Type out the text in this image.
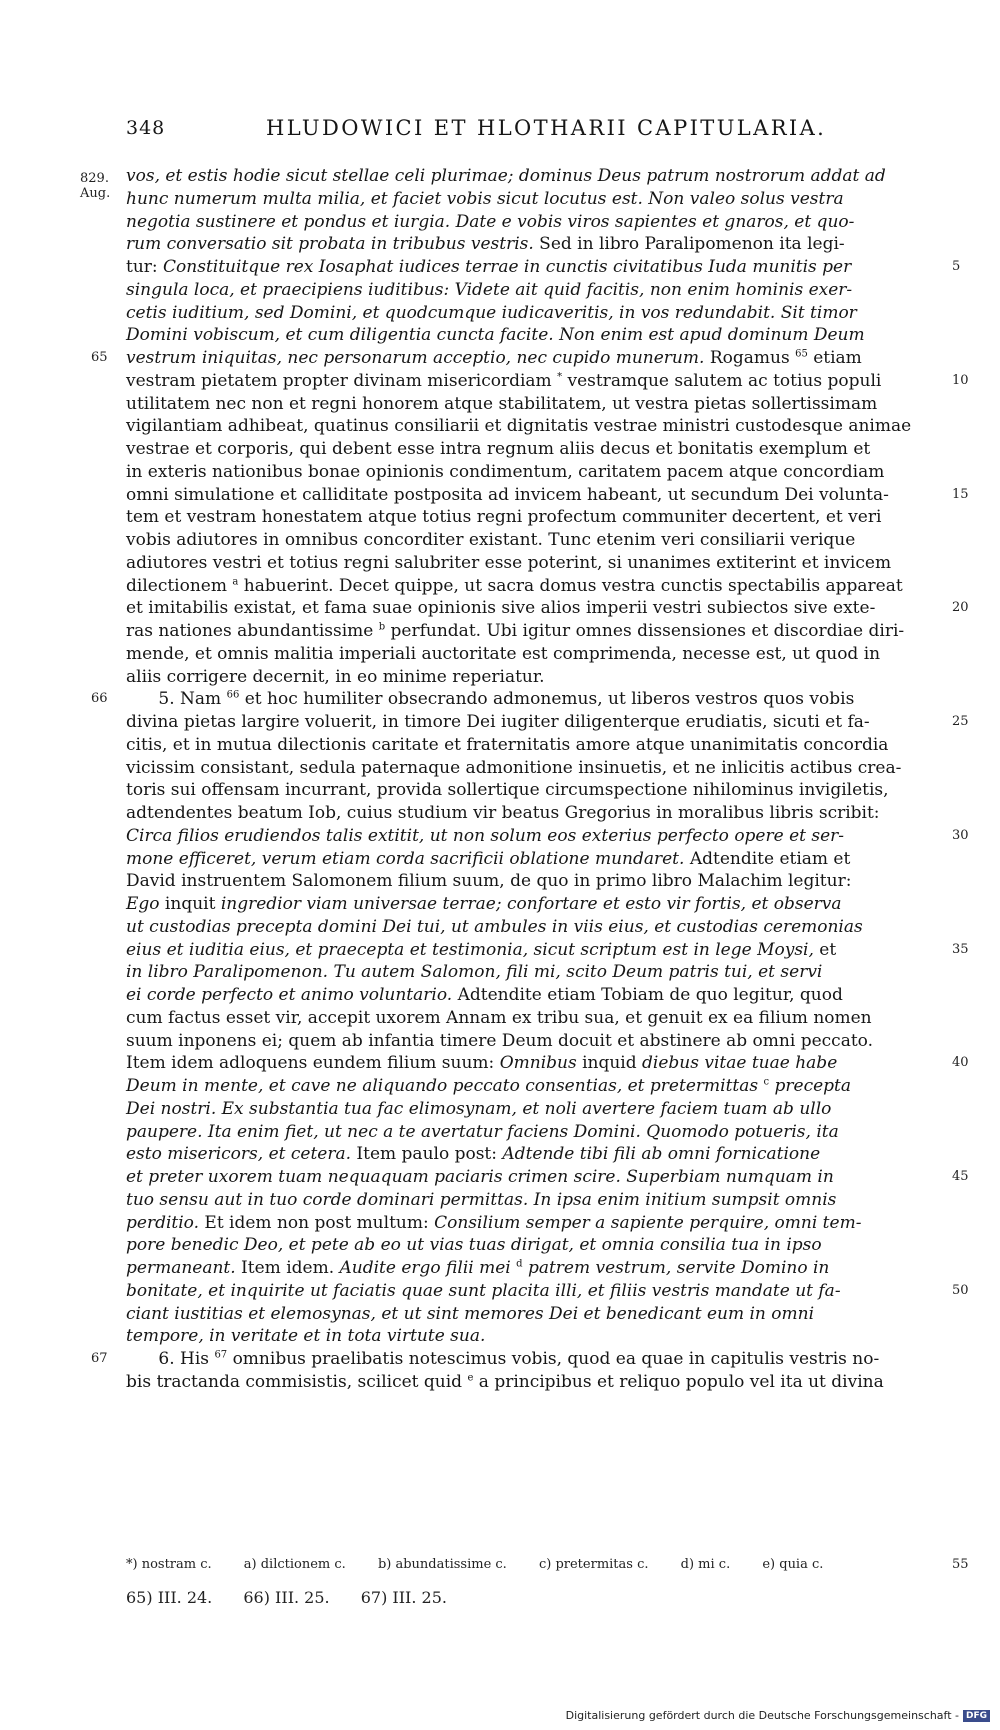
348	HLUDOWICI ET HLOTHARII CAPITULARIA.
829.
Aug.
vos, et estis hodie sicut stellae celi plurimae; dominus Deus patrum nostrorum addat ad
hunc numerum multa milia, et faciet vobis sicut locutus est. Non valeo solus vestra
negotia sustinere et pondus et iurgia. Date e vobis viros sapientes et gnaros, et quo-
rum conversatio sit probata in tribubus vestris. Sed in libro Paralipomenon ita legi-
tur: Constituitque rex Iosaphat iudices terrae in cunctis civitatibus Iuda munitis per	5
singula loca, et praecipiens iuditibus: Videte ait quid facitis, non enim hominis exer-
cetis iuditium, sed Domini, et quodcumque iudicaveritis, in vos redundabit. Sit timor
Domini vobiscum, et cum diligentia cuncta facite. Non enim est apud dominum Deum
65 vestrum iniquitas, nec personarum acceptio, nec cupido munerum. Rogamus $^{65}$ etiam
vestram pietatem propter divinam misericordiam * vestramque salutem ac totius populi	10
utilitatem nec non et regni honorem atque stabilitatem, ut vestra pietas sollertissimam
vigilantiam adhibeat, quatinus consiliarii et dignitatis vestrae ministri custodesque animae
vestrae et corporis, qui debent esse intra regnum aliis decus et bonitatis exemplum et
in exteris nationibus bonae opinionis condimentum, caritatem pacem atque concordiam
omni simulatione et calliditate postposita ad invicem habeant, ut secundum Dei volunta-	15
tem et vestram honestatem atque totius regni profectum communiter decertent, et veri
vobis adiutores in omnibus concorditer existant. Tunc etenim veri consiliarii verique
adiutores vestri et totius regni salubriter esse poterint, si unanimes extiterint et invicem
dilectionem $^a$ habuerint. Decet quippe, ut sacra domus vestra cunctis spectabilis appareat
et imitabilis existat, et fama suae opinionis sive alios imperii vestri subiectos sive exte-	20
ras nationes abundantissime $^b$ perfundat. Ubi igitur omnes dissensiones et discordiae diri-
mende, et omnis malitia imperiali auctoritate est comprimenda, necesse est, ut quod in
aliis corrigere decernit, in eo minime reperiatur.
66 5. Nam $^{66}$ et hoc humiliter obsecrando admonemus, ut liberos vestros quos vobis
divina pietas largire voluerit, in timore Dei iugiter diligenterque erudiatis, sicuti et fa-	25
citis, et in mutua dilectionis caritate et fraternitatis amore atque unanimitatis concordia
vicissim consistant, sedula paternaque admonitione insinuetis, et ne inlicitis actibus crea-
toris sui offensam incurrant, provida sollertique circumspectione nihilominus invigiletis,
adtendentes beatum Iob, cuius studium vir beatus Gregorius in moralibus libris scribit:
Circa filios erudiendos talis extitit, ut non solum eos exterius perfecto opere et ser-	30
mone efficeret, verum etiam corda sacrificii oblatione mundaret. Adtendite etiam et
David instruentem Salomonem filium suum, de quo in primo libro Malachim legitur:
Ego inquit ingredior viam universae terrae; confortare et esto vir fortis, et observa
ut custodias precepta domini Dei tui, ut ambules in viis eius, et custodias ceremonias
eius et iuditia eius, et praecepta et testimonia, sicut scriptum est in lege Moysi, et	35
in libro Paralipomenon. Tu autem Salomon, fili mi, scito Deum patris tui, et servi
ei corde perfecto et animo voluntario. Adtendite etiam Tobiam de quo legitur, quod
cum factus esset vir, accepit uxorem Annam ex tribu sua, et genuit ex ea filium nomen
suum inponens ei; quem ab infantia timere Deum docuit et abstinere ab omni peccato.
Item idem adloquens eundem filium suum: Omnibus inquid diebus vitae tuae habe	40
Deum in mente, et cave ne aliquando peccato consentias, et pretermittas $^c$ precepta
Dei nostri. Ex substantia tua fac elimosynam, et noli avertere faciem tuam ab ullo
paupere. Ita enim fiet, ut nec a te avertatur faciens Domini. Quomodo potueris, ita
esto misericors, et cetera. Item paulo post: Adtende tibi fili ab omni fornicatione
et preter uxorem tuam nequaquam paciaris crimen scire. Superbiam numquam in	45
tuo sensu aut in tuo corde dominari permittas. In ipsa enim initium sumpsit omnis
perditio. Et idem non post multum: Consilium semper a sapiente perquire, omni tem-
pore benedic Deo, et pete ab eo ut vias tuas dirigat, et omnia consilia tua in ipso
permaneant. Item idem. Audite ergo filii mei $^d$ patrem vestrum, servite Domino in
bonitate, et inquirite ut faciatis quae sunt placita illi, et filiis vestris mandate ut fa-	50
ciant iustitias et elemosynas, et ut sint memores Dei et benedicant eum in omni
tempore, in veritate et in tota virtute sua.
67 6. His $^{67}$ omnibus praelibatis notescimus vobis, quod ea quae in capitulis vestris no-
bis tractanda commisistis, scilicet quid $^e$ a principibus et reliquo populo vel ita ut divina
*) nostram c. a) dilctionem c. b) abundatissime c. c) pretermitas c. d) mi c. e) quia c.	55
65) III. 24. 66) III. 25. 67) III. 25.
Digitalisierung gefördert durch die Deutsche Forschungsgemeinschaft - DFG
